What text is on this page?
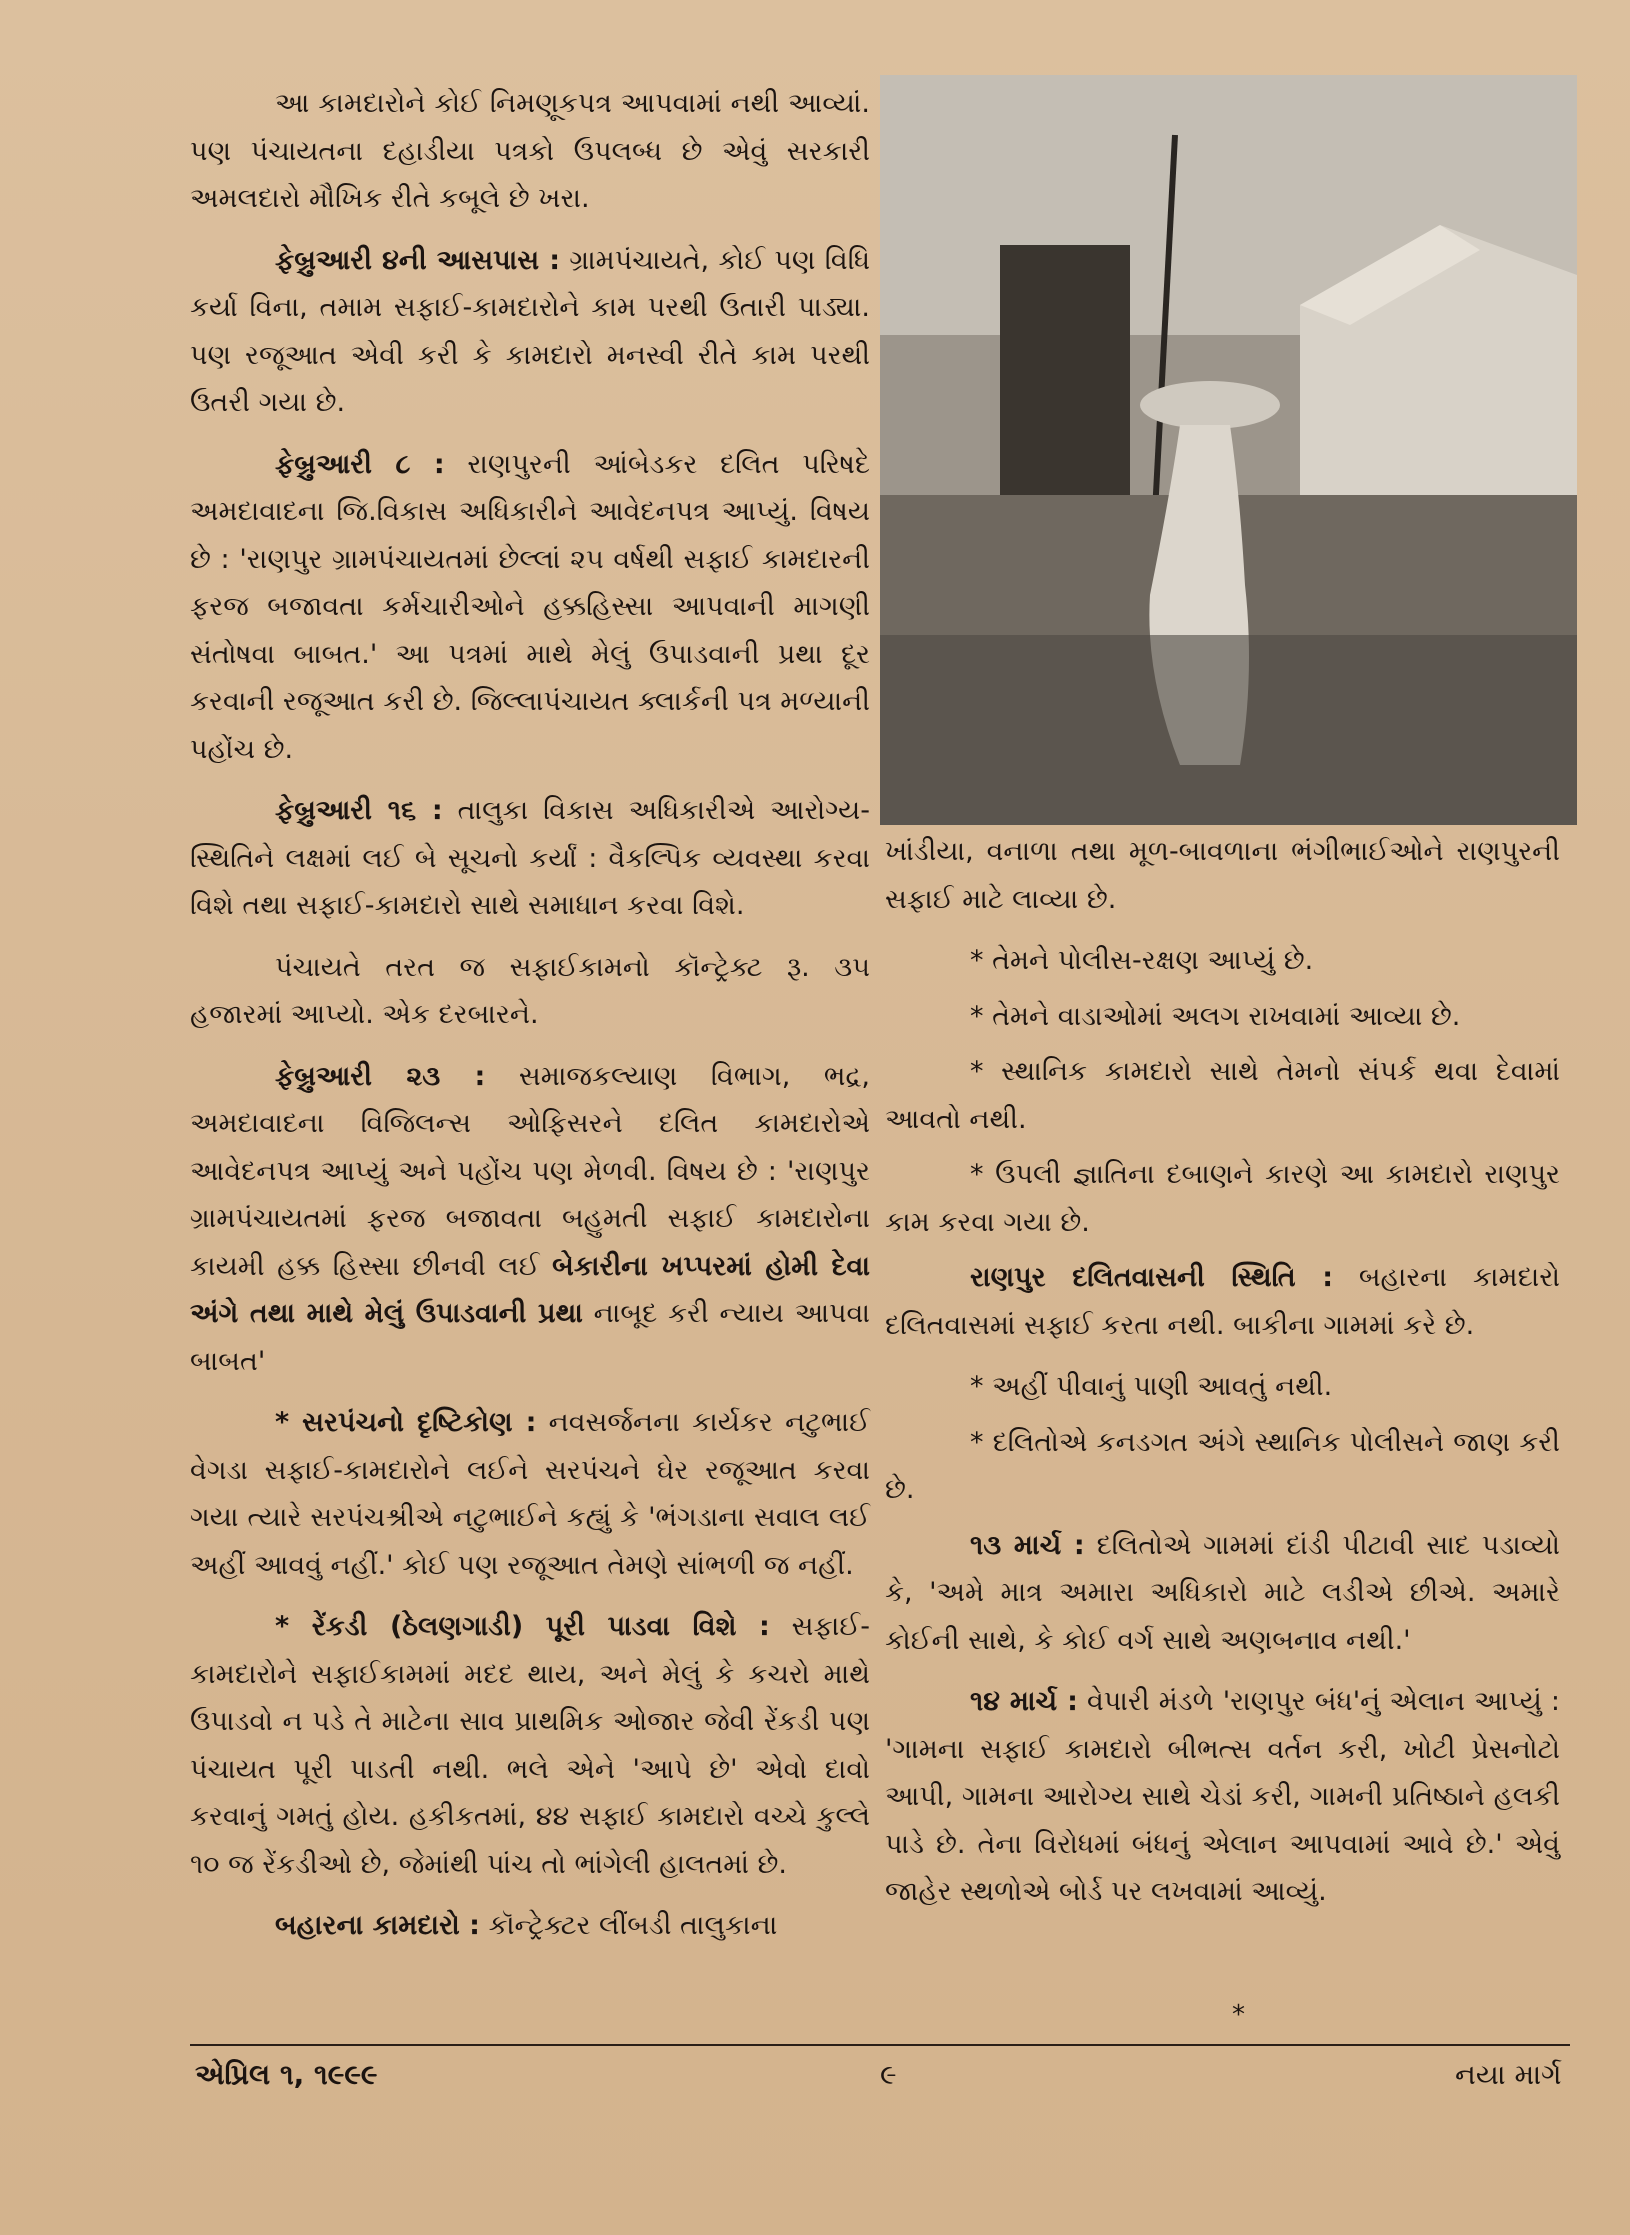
આ કામદારોને કોઈ નિમણૂકપત્ર આપવામાં નથી આવ્યાં. પણ પંચાયતના દહાડીયા પત્રકો ઉપલબ્ધ છે એવું સરકારી અમલદારો મૌખિક રીતે કબૂલે છે ખરા.

ફેબ્રુઆરી ૪ની આસપાસ : ગ્રામપંચાયતે, કોઈ પણ વિધિ કર્યા વિના, તમામ સફાઈ-કામદારોને કામ પરથી ઉતારી પાડ્યા. પણ રજૂઆત એવી કરી કે કામદારો મનસ્વી રીતે કામ પરથી ઉતરી ગયા છે.

ફેબ્રુઆરી ૮ : રાણપુરની આંબેડકર દલિત પરિષદે અમદાવાદના જિ.વિકાસ અધિકારીને આવેદનપત્ર આપ્યું. વિષય છે : 'રાણપુર ગ્રામપંચાયતમાં છેલ્લાં ૨૫ વર્ષથી સફાઈ કામદારની ફરજ બજાવતા કર્મચારીઓને હક્કહિસ્સા આપવાની માગણી સંતોષવા બાબત.' આ પત્રમાં માથે મેલું ઉપાડવાની પ્રથા દૂર કરવાની રજૂઆત કરી છે. જિલ્લાપંચાયત ક્લાર્કની પત્ર મળ્યાની પહોંચ છે.

ફેબ્રુઆરી ૧૬ : તાલુકા વિકાસ અધિકારીએ આરોગ્ય-સ્થિતિને લક્ષમાં લઈ બે સૂચનો કર્યાં : વૈકલ્પિક વ્યવસ્થા કરવા વિશે તથા સફાઈ-કામદારો સાથે સમાધાન કરવા વિશે.

પંચાયતે તરત જ સફાઈકામનો કૉન્ટ્રેક્ટ રૂ. ૩૫ હજારમાં આપ્યો. એક દરબારને.

ફેબ્રુઆરી ૨૩ : સમાજકલ્યાણ વિભાગ, ભદ્ર, અમદાવાદના વિજિલન્સ ઓફિસરને દલિત કામદારોએ આવેદનપત્ર આપ્યું અને પહોંચ પણ મેળવી. વિષય છે : 'રાણપુર ગ્રામપંચાયતમાં ફરજ બજાવતા બહુમતી સફાઈ કામદારોના કાયમી હક્ક હિસ્સા છીનવી લઈ બેકારીના ખપ્પરમાં હોમી દેવા અંગે તથા માથે મેલું ઉપાડવાની પ્રથા નાબૂદ કરી ન્યાય આપવા બાબત'

* સરપંચનો દૃષ્ટિકોણ : નવસર્જનના કાર્યકર નટુભાઈ વેગડા સફાઈ-કામદારોને લઈને સરપંચને ઘેર રજૂઆત કરવા ગયા ત્યારે સરપંચશ્રીએ નટુભાઈને કહ્યું કે 'ભંગડાના સવાલ લઈ અહીં આવવું નહીં.' કોઈ પણ રજૂઆત તેમણે સાંભળી જ નહીં.

* રેંકડી (ઠેલણગાડી) પૂરી પાડવા વિશે : સફાઈ-કામદારોને સફાઈકામમાં મદદ થાય, અને મેલું કે કચરો માથે ઉપાડવો ન પડે તે માટેના સાવ પ્રાથમિક ઓજાર જેવી રેંકડી પણ પંચાયત પૂરી પાડતી નથી. ભલે એને 'આપે છે' એવો દાવો કરવાનું ગમતું હોય. હકીકતમાં, ૪૪ સફાઈ કામદારો વચ્ચે કુલ્લે ૧૦ જ રેંકડીઓ છે, જેમાંથી પાંચ તો ભાંગેલી હાલતમાં છે.

બહારના કામદારો : કૉન્ટ્રેક્ટર લીંબડી તાલુકાના

ખાંડીયા, વનાળા તથા મૂળ-બાવળાના ભંગીભાઈઓને રાણપુરની સફાઈ માટે લાવ્યા છે.

* તેમને પોલીસ-રક્ષણ આપ્યું છે.
* તેમને વાડાઓમાં અલગ રાખવામાં આવ્યા છે.
* સ્થાનિક કામદારો સાથે તેમનો સંપર્ક થવા દેવામાં આવતો નથી.
* ઉપલી જ્ઞાતિના દબાણને કારણે આ કામદારો રાણપુર કામ કરવા ગયા છે.

રાણપુર દલિતવાસની સ્થિતિ : બહારના કામદારો દલિતવાસમાં સફાઈ કરતા નથી. બાકીના ગામમાં કરે છે.

* અહીં પીવાનું પાણી આવતું નથી.
* દલિતોએ કનડગત અંગે સ્થાનિક પોલીસને જાણ કરી છે.

૧૩ માર્ચ : દલિતોએ ગામમાં દાંડી પીટાવી સાદ પડાવ્યો કે, 'અમે માત્ર અમારા અધિકારો માટે લડીએ છીએ. અમારે કોઈની સાથે, કે કોઈ વર્ગ સાથે અણબનાવ નથી.'

૧૪ માર્ચ : વેપારી મંડળે 'રાણપુર બંધ'નું એલાન આપ્યું : 'ગામના સફાઈ કામદારો બીભત્સ વર્તન કરી, ખોટી પ્રેસનોટો આપી, ગામના આરોગ્ય સાથે ચેડાં કરી, ગામની પ્રતિષ્ઠાને હલકી પાડે છે. તેના વિરોધમાં બંધનું એલાન આપવામાં આવે છે.' એવું જાહેર સ્થળોએ બોર્ડ પર લખવામાં આવ્યું.

*
એપ્રિલ ૧, ૧૯૯૯	૯	નયા માર્ગ
